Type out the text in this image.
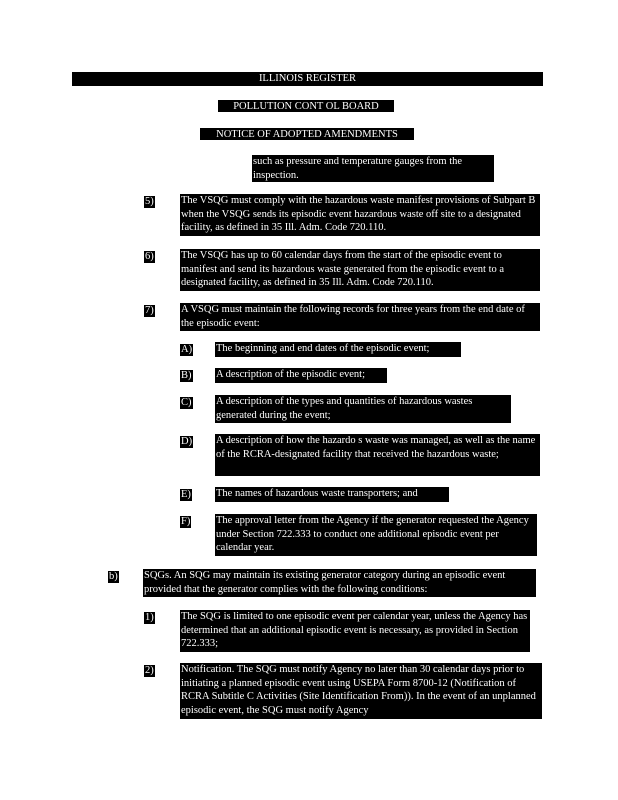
ILLINOIS REGISTER
POLLUTION CONT OL BOARD
NOTICE OF ADOPTED AMENDMENTS
such as pressure and temperature gauges from the inspection.
5)	The VSQG must comply with the hazardous waste manifest provisions of Subpart B when the VSQG sends its episodic event hazardous waste off site to a designated facility, as defined in 35 Ill. Adm. Code 720.110.
6)	The VSQG has up to 60 calendar days from the start of the episodic event to manifest and send its hazardous waste generated from the episodic event to a designated facility, as defined in 35 Ill. Adm. Code 720.110.
7)	A VSQG must maintain the following records for three years from the end date of the episodic event:
A) The beginning and end dates of the episodic event;
B) A description of the episodic event;
C) A description of the types and quantities of hazardous wastes generated during the event;
D) A description of how the hazardo s waste was managed, as well as the name of the RCRA-designated facility that received the hazardous waste;
E) The names of hazardous waste transporters; and
F) The approval letter from the Agency if the generator requested the Agency under Section 722.333 to conduct one additional episodic event per calendar year.
b)	SQGs. An SQG may maintain its existing generator category during an episodic event provided that the generator complies with the following conditions:
1)	The SQG is limited to one episodic event per calendar year, unless the Agency has determined that an additional episodic event is necessary, as provided in Section 722.333;
2)	Notification. The SQG must notify Agency no later than 30 calendar days prior to initiating a planned episodic event using USEPA Form 8700-12 (Notification of RCRA Subtitle C Activities (Site Identification From)). In the event of an unplanned episodic event, the SQG must notify Agency
